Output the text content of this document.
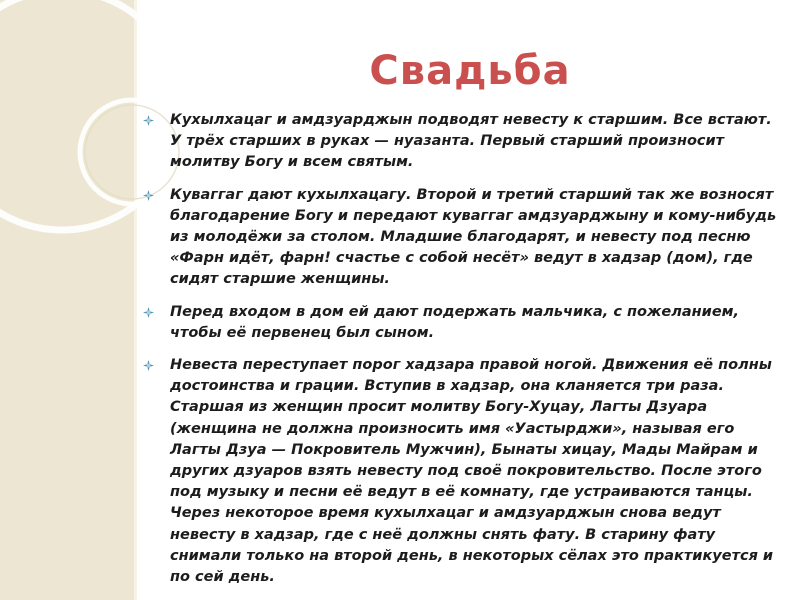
Свадьба
Кухылхацаг и амдзуарджын подводят невесту к старшим. Все встают. У трёх старших в руках — нуазанта. Первый старший произносит молитву Богу и всем святым.
Куваггаг дают кухылхацагу. Второй и третий старший так же возносят благодарение Богу и передают куваггаг амдзуарджыну и кому-нибудь из молодёжи за столом. Младшие благодарят, и невесту под песню «Фарн идёт, фарн! счастье с собой несёт» ведут в хадзар (дом), где сидят старшие женщины.
Перед входом в дом ей дают подержать мальчика, с пожеланием, чтобы её первенец был сыном.
Невеста переступает порог хадзара правой ногой. Движения её полны достоинства и грации. Вступив в хадзар, она кланяется три раза. Старшая из женщин просит молитву Богу-Хуцау, Лагты Дзуара (женщина не должна произносить имя «Уастырджи», называя его Лагты Дзуа — Покровитель Мужчин), Бынаты хицау, Мады Майрам и других дзуаров взять невесту под своё покровительство. После этого под музыку и песни её ведут в её комнату, где устраиваются танцы. Через некоторое время кухылхацаг и амдзуарджын снова ведут невесту в хадзар, где с неё должны снять фату. В старину фату снимали только на второй день, в некоторых сёлах это практикуется и по сей день.
